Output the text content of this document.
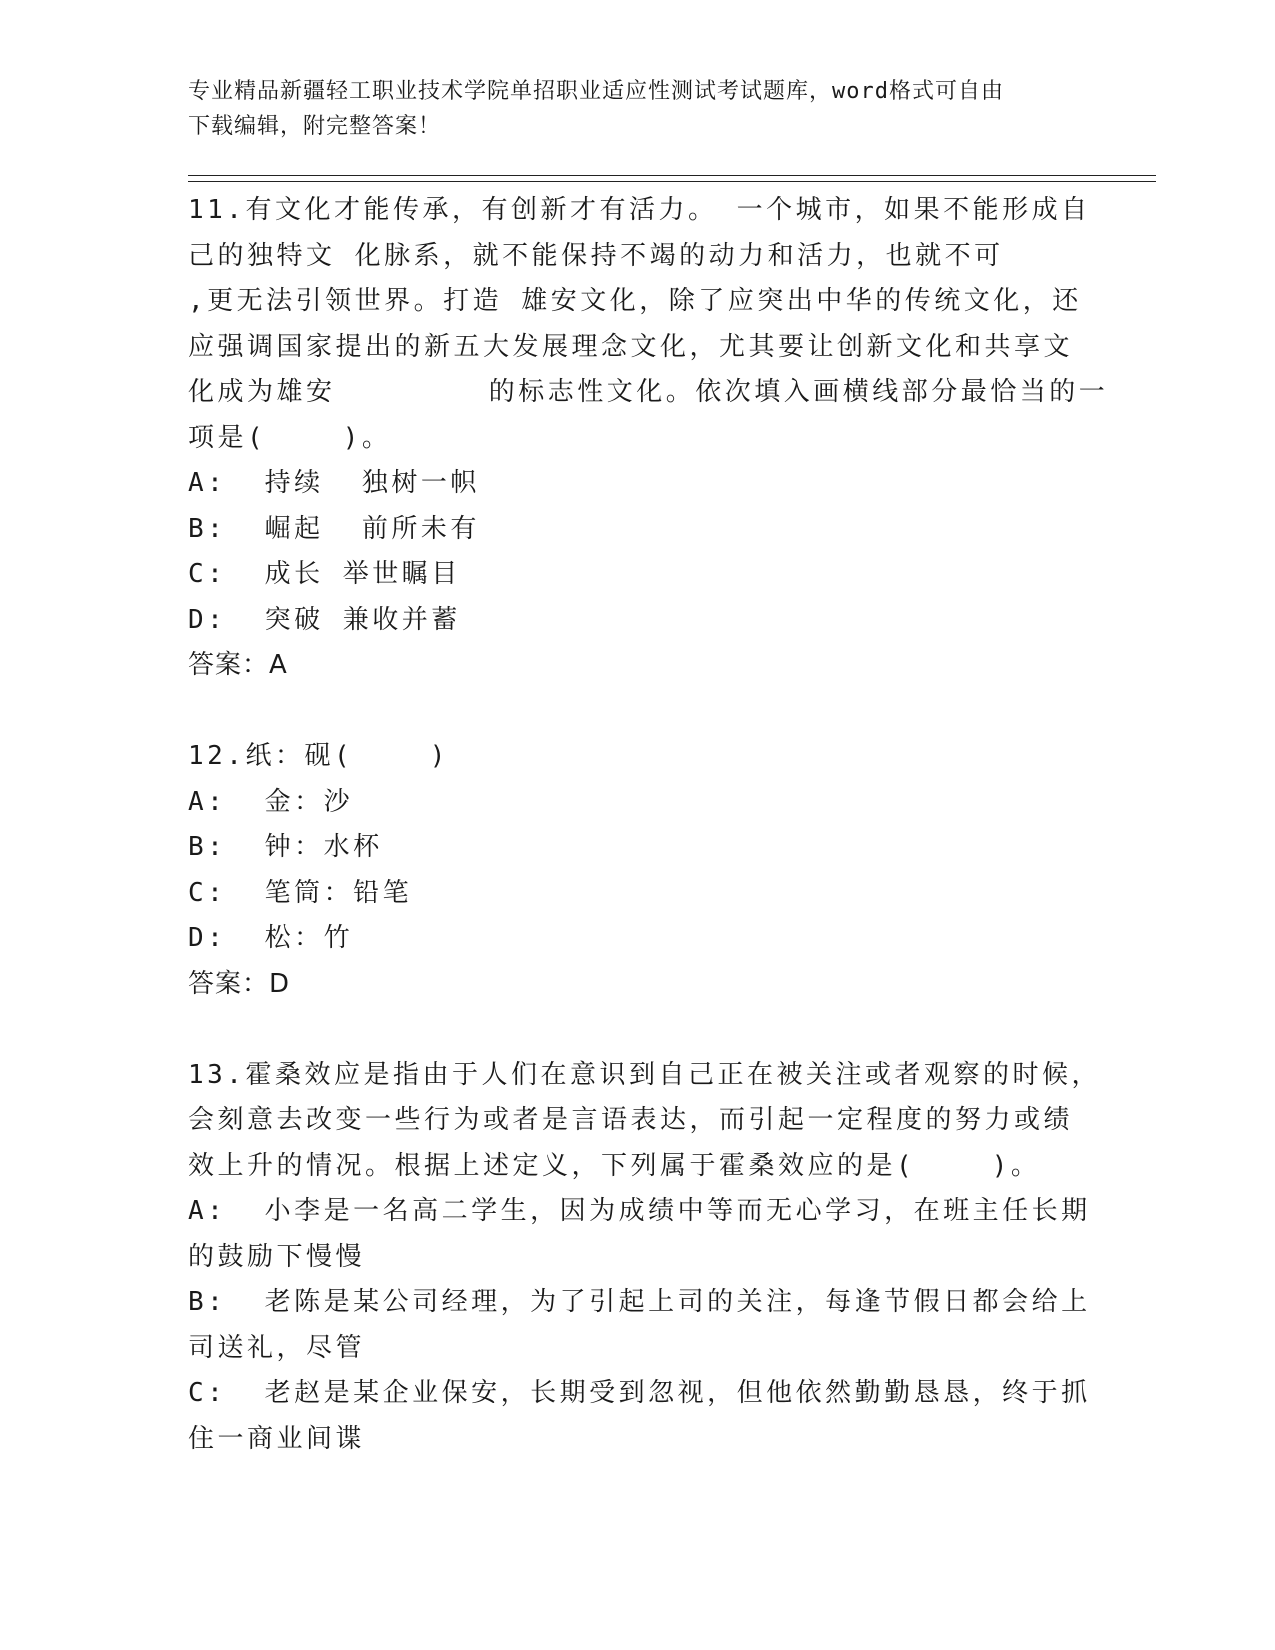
专业精品新疆轻工职业技术学院单招职业适应性测试考试题库，word格式可自由
下载编辑，附完整答案！
11.有文化才能传承，有创新才有活力。 一个城市，如果不能形成自
己的独特文 化脉系，就不能保持不竭的动力和活力，也就不可
,更无法引领世界。打造 雄安文化，除了应突出中华的传统文化，还
应强调国家提出的新五大发展理念文化，尤其要让创新文化和共享文
化成为雄安        的标志性文化。依次填入画横线部分最恰当的一
项是(    )。
A:  持续  独树一帜
B:  崛起  前所未有
C:  成长 举世瞩目
D:  突破 兼收并蓄
答案：A
12.纸：砚(    )
A:  金：沙
B:  钟：水杯
C:  笔筒：铅笔
D:  松：竹
答案：D
13.霍桑效应是指由于人们在意识到自己正在被关注或者观察的时候，
会刻意去改变一些行为或者是言语表达，而引起一定程度的努力或绩
效上升的情况。根据上述定义，下列属于霍桑效应的是(    )。
A:  小李是一名高二学生，因为成绩中等而无心学习，在班主任长期
的鼓励下慢慢
B:  老陈是某公司经理，为了引起上司的关注，每逢节假日都会给上
司送礼，尽管
C:  老赵是某企业保安，长期受到忽视，但他依然勤勤恳恳，终于抓
住一商业间谍
